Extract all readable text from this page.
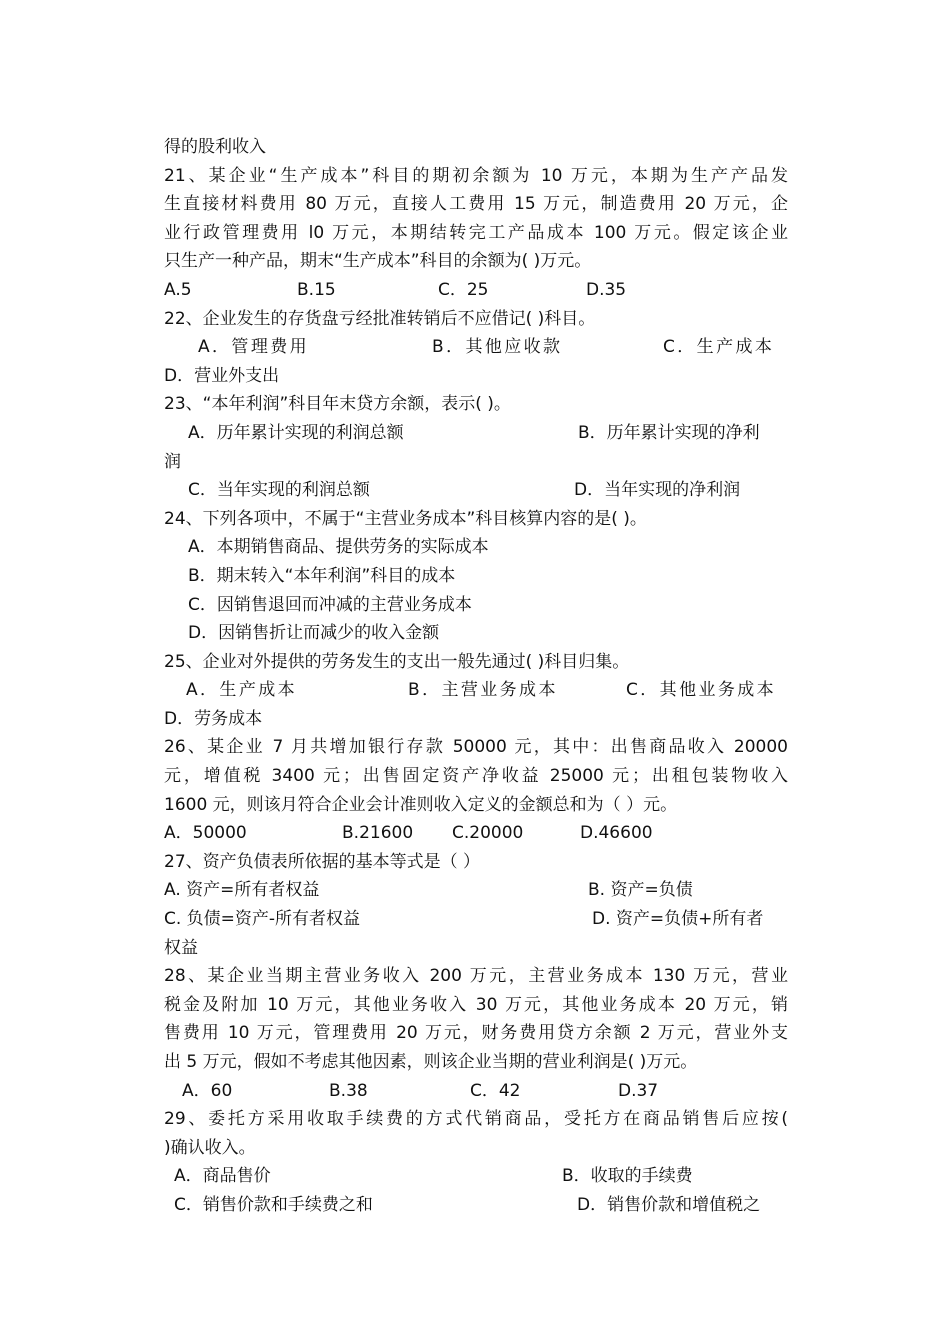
得的股利收入
21、某企业“生产成本”科目的期初余额为 10 万元，本期为生产产品发
生直接材料费用 80 万元，直接人工费用 15 万元，制造费用 20 万元，企
业行政管理费用 l0 万元，本期结转完工产品成本 100 万元。假定该企业
只生产一种产品，期末“生产成本”科目的余额为( )万元。
A.5	B.15	C．25	D.35
22、企业发生的存货盘亏经批准转销后不应借记( )科目。
A．管理费用	B．其他应收款	C．生产成本
D．营业外支出
23、“本年利润”科目年末贷方余额，表示( )。
A．历年累计实现的利润总额	B．历年累计实现的净利
润
C．当年实现的利润总额	D．当年实现的净利润
24、下列各项中，不属于“主营业务成本”科目核算内容的是( )。
A．本期销售商品、提供劳务的实际成本
B．期末转入“本年利润”科目的成本
C．因销售退回而冲减的主营业务成本
D．因销售折让而减少的收入金额
25、企业对外提供的劳务发生的支出一般先通过( )科目归集。
A．生产成本	B．主营业务成本	C．其他业务成本
D．劳务成本
26、某企业 7 月共增加银行存款 50000 元，其中：出售商品收入 20000
元，增值税 3400 元；出售固定资产净收益 25000 元；出租包装物收入
1600 元，则该月符合企业会计准则收入定义的金额总和为（ ）元。
A．50000	B.21600 C.20000	D.46600
27、资产负债表所依据的基本等式是（ ）
A. 资产=所有者权益	B. 资产=负债
C. 负债=资产-所有者权益	D. 资产=负债+所有者
权益
28、某企业当期主营业务收入 200 万元，主营业务成本 130 万元，营业
税金及附加 10 万元，其他业务收入 30 万元，其他业务成本 20 万元，销
售费用 10 万元，管理费用 20 万元，财务费用贷方余额 2 万元，营业外支
出 5 万元，假如不考虑其他因素，则该企业当期的营业利润是( )万元。
A．60	B.38	C．42	D.37
29、委托方采用收取手续费的方式代销商品，受托方在商品销售后应按(
)确认收入。
A．商品售价	B．收取的手续费
C．销售价款和手续费之和	D．销售价款和增值税之
